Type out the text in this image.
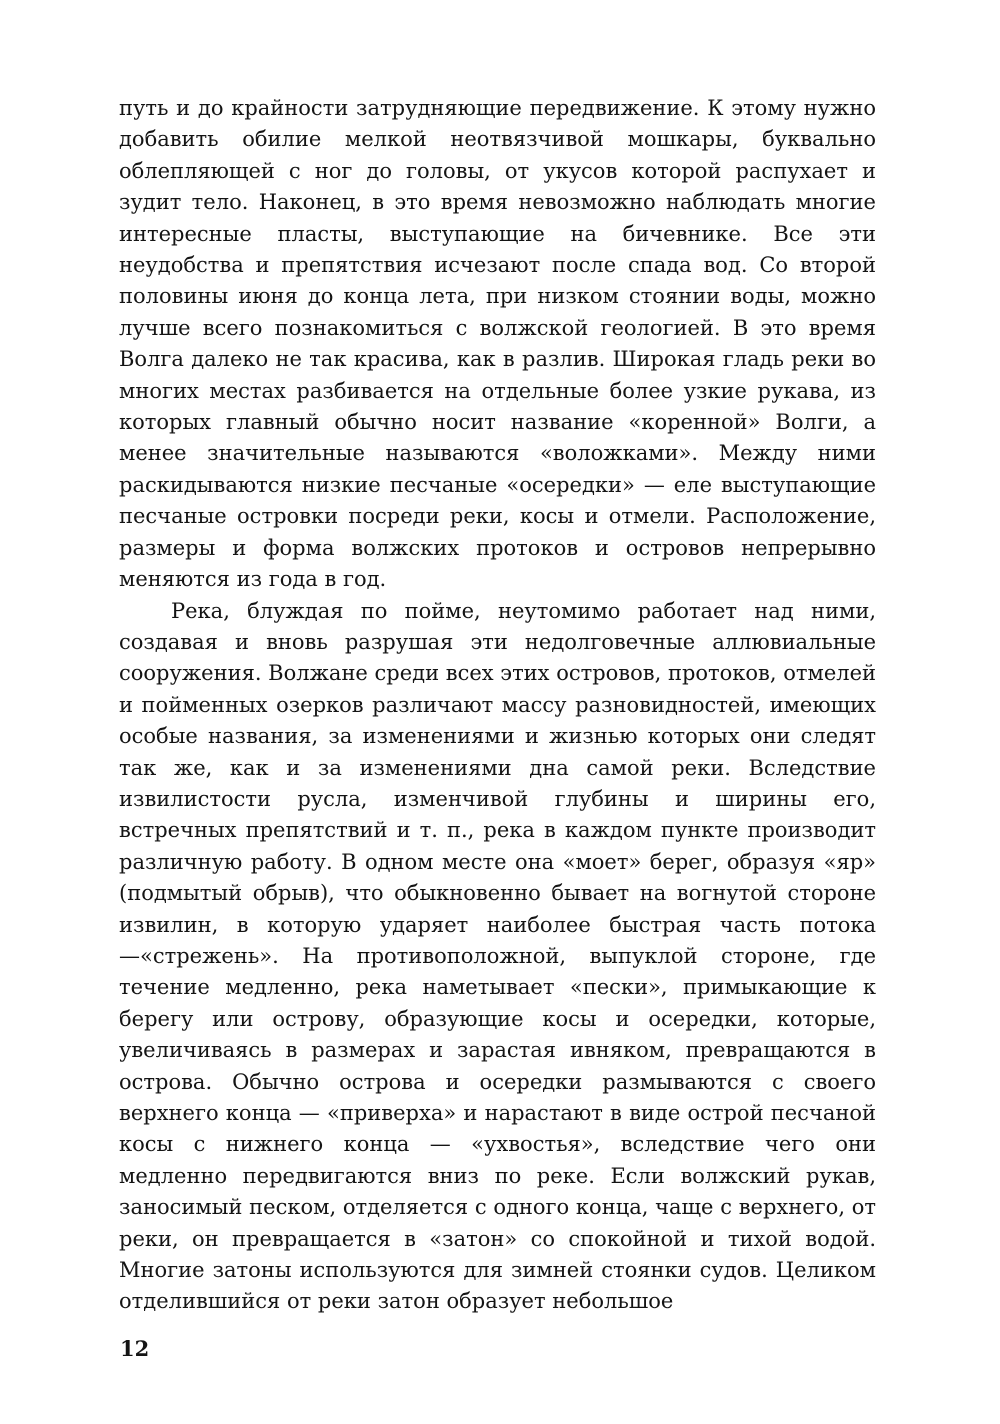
путь и до крайности затрудняющие передвижение. К этому нужно добавить обилие мелкой неотвязчивой мошкары, буквально облепляющей с ног до головы, от укусов которой распухает и зудит тело. Наконец, в это время невозможно наблюдать многие интересные пласты, выступающие на бичевнике. Все эти неудобства и препятствия исчезают после спада вод. Со второй половины июня до конца лета, при низком стоянии воды, можно лучше всего познакомиться с волжской геологией. В это время Волга далеко не так красива, как в разлив. Широкая гладь реки во многих местах разбивается на отдельные более узкие рукава, из которых главный обычно носит название «коренной» Волги, а менее значительные называются «воложками». Между ними раскидываются низкие песчаные «осередки» — еле выступающие песчаные островки посреди реки, косы и отмели. Расположение, размеры и форма волжских протоков и островов непрерывно меняются из года в год.

Река, блуждая по пойме, неутомимо работает над ними, создавая и вновь разрушая эти недолговечные аллювиальные сооружения. Волжане среди всех этих островов, протоков, отмелей и пойменных озерков различают массу разновидностей, имеющих особые названия, за изменениями и жизнью которых они следят так же, как и за изменениями дна самой реки. Вследствие извилистости русла, изменчивой глубины и ширины его, встречных препятствий и т. п., река в каждом пункте производит различную работу. В одном месте она «моет» берег, образуя «яр» (подмытый обрыв), что обыкновенно бывает на вогнутой стороне извилин, в которую ударяет наиболее быстрая часть потока—«стрежень». На противоположной, выпуклой стороне, где течение медленно, река наметывает «пески», примыкающие к берегу или острову, образующие косы и осередки, которые, увеличиваясь в размерах и зарастая ивняком, превращаются в острова. Обычно острова и осередки размываются с своего верхнего конца — «приверха» и нарастают в виде острой песчаной косы с нижнего конца — «ухвостья», вследствие чего они медленно передвигаются вниз по реке. Если волжский рукав, заносимый песком, отделяется с одного конца, чаще с верхнего, от реки, он превращается в «затон» со спокойной и тихой водой. Многие затоны используются для зимней стоянки судов. Целиком отделившийся от реки затон образует небольшое

12
